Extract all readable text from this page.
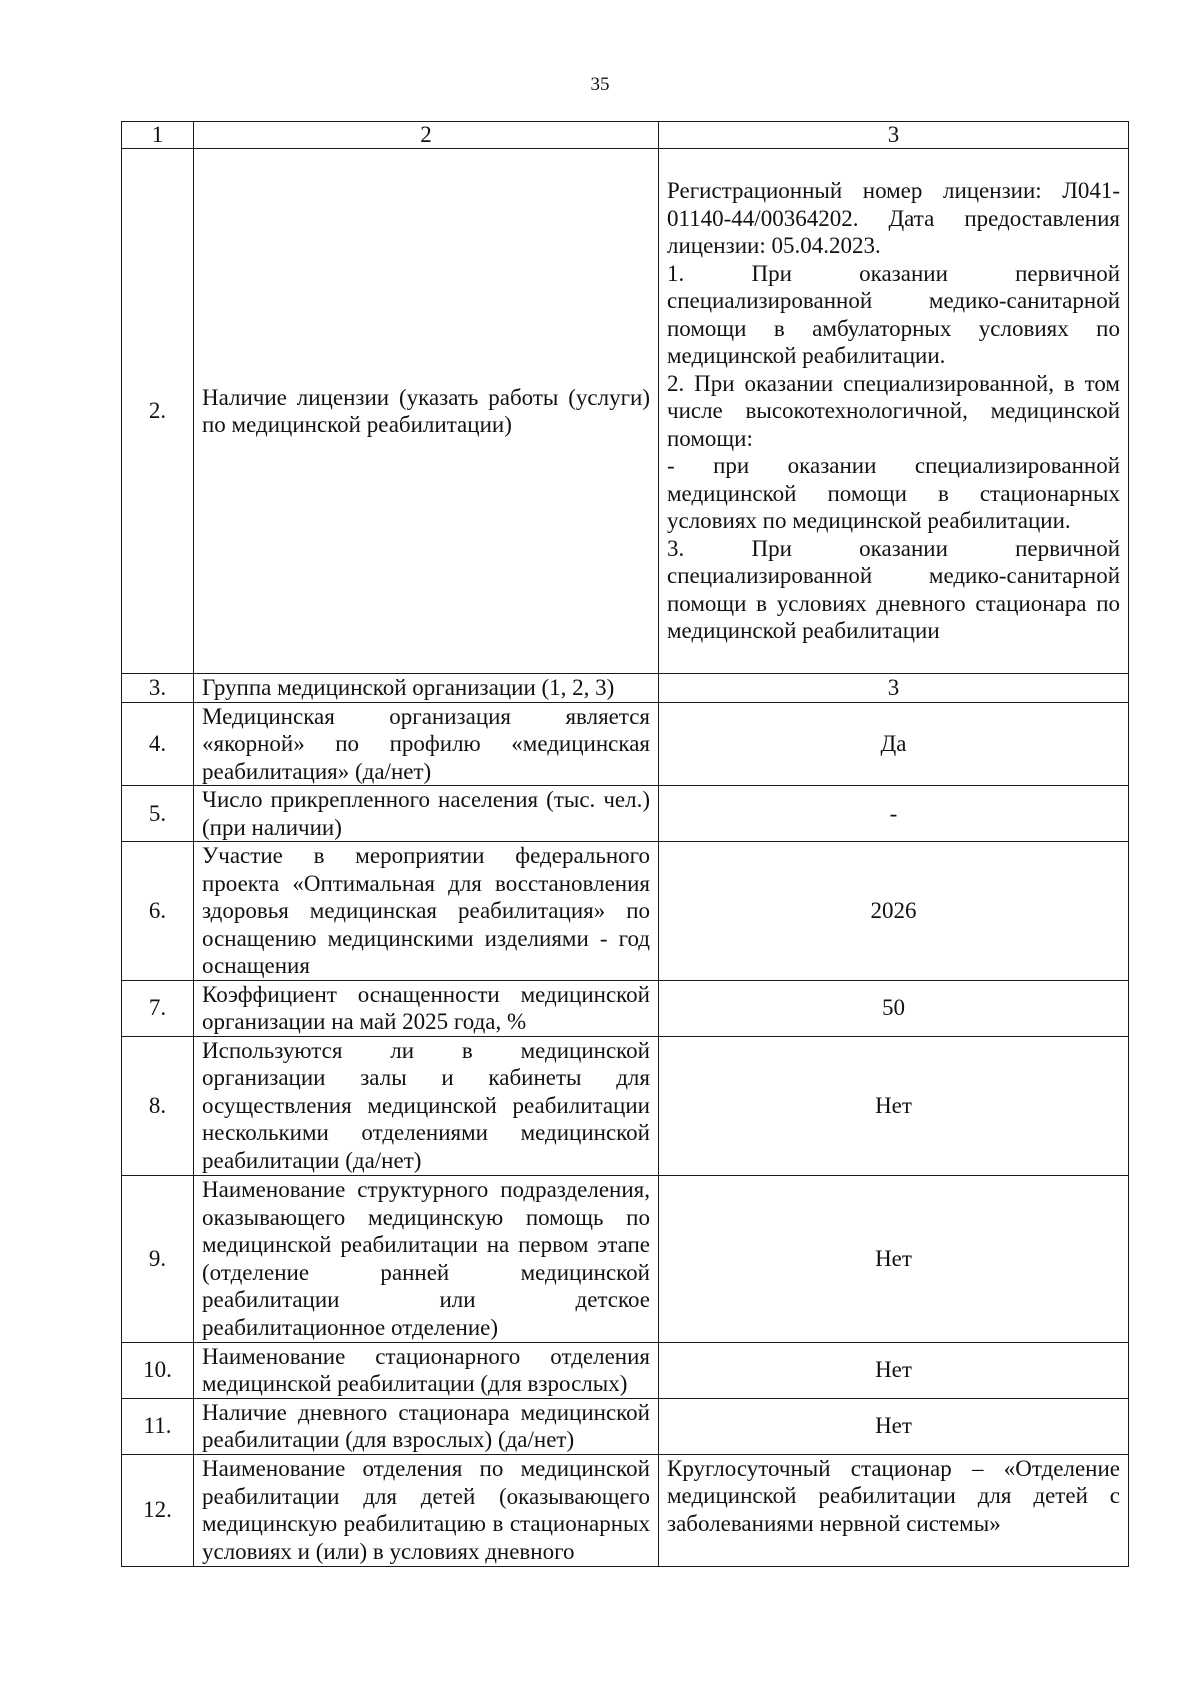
35
1	2	3
2.	Наличие лицензии (указать работы (услуги) по медицинской реабилитации)	Регистрационный номер лицензии: Л041-01140-44/00364202. Дата предоставления лицензии: 05.04.2023.
1. При оказании первичной специализированной медико-санитарной помощи в амбулаторных условиях по медицинской реабилитации.
2. При оказании специализированной, в том числе высокотехнологичной, медицинской помощи:
- при оказании специализированной медицинской помощи в стационарных условиях по медицинской реабилитации.
3. При оказании первичной специализированной медико-санитарной помощи в условиях дневного стационара по медицинской реабилитации

3.	Группа медицинской организации (1, 2, 3)	3
4.	Медицинская организация является «якорной» по профилю «медицинская реабилитация» (да/нет)	Да
5.	Число прикрепленного населения (тыс. чел.) (при наличии)	-
6.	Участие в мероприятии федерального проекта «Оптимальная для восстановления здоровья медицинская реабилитация» по оснащению медицинскими изделиями - год оснащения	2026
7.	Коэффициент оснащенности медицинской организации на май 2025 года, %	50
8.	Используются ли в медицинской организации залы и кабинеты для осуществления медицинской реабилитации несколькими отделениями медицинской реабилитации (да/нет)	Нет
9.	Наименование структурного подразделения, оказывающего медицинскую помощь по медицинской реабилитации на первом этапе (отделение ранней медицинской реабилитации или детское реабилитационное отделение)	Нет
10.	Наименование стационарного отделения медицинской реабилитации (для взрослых)	Нет
11.	Наличие дневного стационара медицинской реабилитации (для взрослых) (да/нет)	Нет
12.	Наименование отделения по медицинской реабилитации для детей (оказывающего медицинскую реабилитацию в стационарных условиях и (или) в условиях дневного	Круглосуточный стационар – «Отделение медицинской реабилитации для детей с заболеваниями нервной системы»
